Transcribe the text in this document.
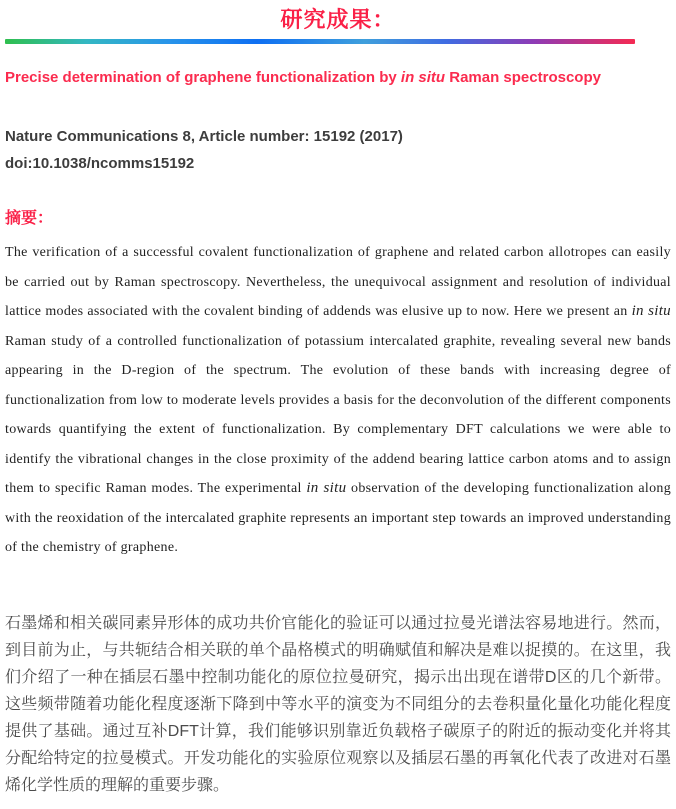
研究成果：
Precise determination of graphene functionalization by in situ Raman spectroscopy

Nature Communications 8, Article number: 15192 (2017)

doi:10.1038/ncomms15192

摘要：

The verification of a successful covalent functionalization of graphene and related carbon allotropes can easily be carried out by Raman spectroscopy. Nevertheless, the unequivocal assignment and resolution of individual lattice modes associated with the covalent binding of addends was elusive up to now. Here we present an in situ Raman study of a controlled functionalization of potassium intercalated graphite, revealing several new bands appearing in the D-region of the spectrum. The evolution of these bands with increasing degree of functionalization from low to moderate levels provides a basis for the deconvolution of the different components towards quantifying the extent of functionalization. By complementary DFT calculations we were able to identify the vibrational changes in the close proximity of the addend bearing lattice carbon atoms and to assign them to specific Raman modes. The experimental in situ observation of the developing functionalization along with the reoxidation of the intercalated graphite represents an important step towards an improved understanding of the chemistry of graphene.

石墨烯和相关碳同素异形体的成功共价官能化的验证可以通过拉曼光谱法容易地进行。然而，到目前为止，与共轭结合相关联的单个晶格模式的明确赋值和解决是难以捉摸的。在这里，我们介绍了一种在插层石墨中控制功能化的原位拉曼研究，揭示出出现在谱带D区的几个新带。这些频带随着功能化程度逐渐下降到中等水平的演变为不同组分的去卷积量化量化功能化程度提供了基础。通过互补DFT计算，我们能够识别靠近负载格子碳原子的附近的振动变化并将其分配给特定的拉曼模式。开发功能化的实验原位观察以及插层石墨的再氧化代表了改进对石墨烯化学性质的理解的重要步骤。
